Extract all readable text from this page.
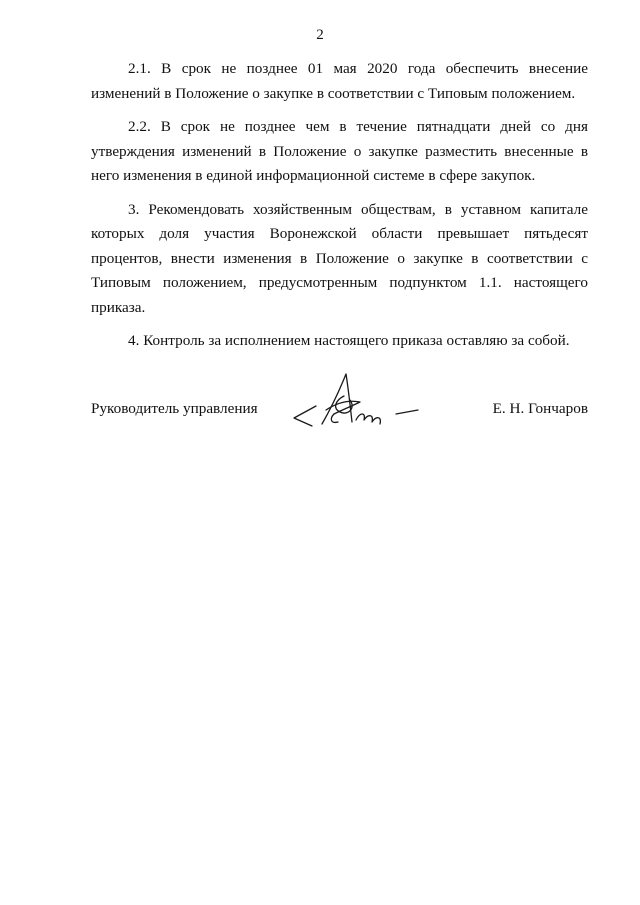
2

2.1. В срок не позднее 01 мая 2020 года обеспечить внесение изменений в Положение о закупке в соответствии с Типовым положением.

2.2. В срок не позднее чем в течение пятнадцати дней со дня утверждения изменений в Положение о закупке разместить внесенные в него изменения в единой информационной системе в сфере закупок.

3. Рекомендовать хозяйственным обществам, в уставном капитале которых доля участия Воронежской области превышает пятьдесят процентов, внести изменения в Положение о закупке в соответствии с Типовым положением, предусмотренным подпунктом 1.1. настоящего приказа.

4. Контроль за исполнением настоящего приказа оставляю за собой.

Руководитель управления	Е. Н. Гончаров
